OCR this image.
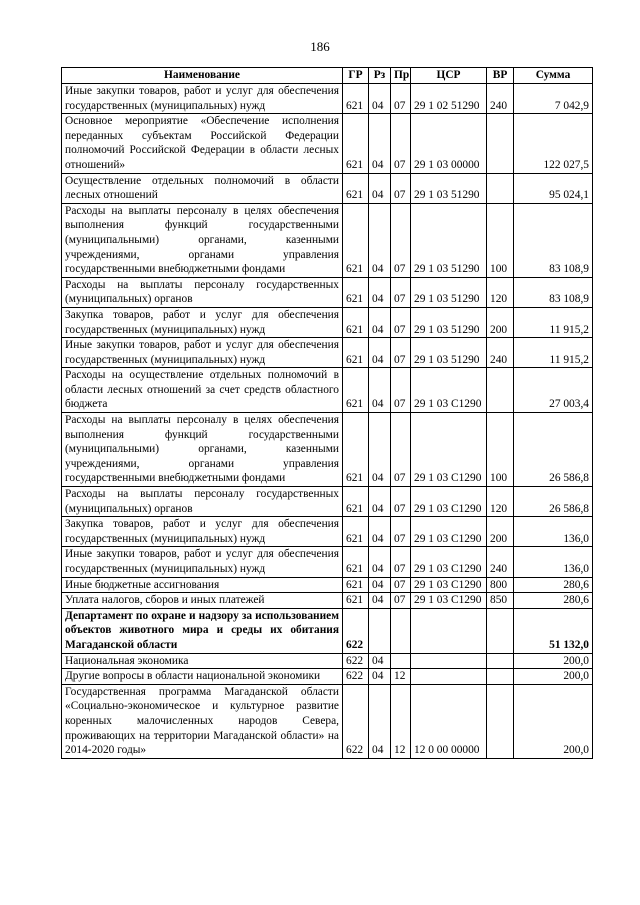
186
Наименование	ГР	Рз	Пр	ЦСР	ВР	Сумма
Иные закупки товаров, работ и услуг для обеспечения государственных (муниципальных) нужд	621	04	07	29 1 02 51290	240	7 042,9
Основное мероприятие «Обеспечение исполнения переданных субъектам Российской Федерации полномочий Российской Федерации в области лесных отношений»	621	04	07	29 1 03 00000		122 027,5
Осуществление отдельных полномочий в области лесных отношений	621	04	07	29 1 03 51290		95 024,1
Расходы на выплаты персоналу в целях обеспечения выполнения функций государственными (муниципальными) органами, казенными учреждениями, органами управления государственными внебюджетными фондами	621	04	07	29 1 03 51290	100	83 108,9
Расходы на выплаты персоналу государственных (муниципальных) органов	621	04	07	29 1 03 51290	120	83 108,9
Закупка товаров, работ и услуг для обеспечения государственных (муниципальных) нужд	621	04	07	29 1 03 51290	200	11 915,2
Иные закупки товаров, работ и услуг для обеспечения государственных (муниципальных) нужд	621	04	07	29 1 03 51290	240	11 915,2
Расходы на осуществление отдельных полномочий в области лесных отношений за счет средств областного бюджета	621	04	07	29 1 03 С1290		27 003,4
Расходы на выплаты персоналу в целях обеспечения выполнения функций государственными (муниципальными) органами, казенными учреждениями, органами управления государственными внебюджетными фондами	621	04	07	29 1 03 С1290	100	26 586,8
Расходы на выплаты персоналу государственных (муниципальных) органов	621	04	07	29 1 03 С1290	120	26 586,8
Закупка товаров, работ и услуг для обеспечения государственных (муниципальных) нужд	621	04	07	29 1 03 С1290	200	136,0
Иные закупки товаров, работ и услуг для обеспечения государственных (муниципальных) нужд	621	04	07	29 1 03 С1290	240	136,0
Иные бюджетные ассигнования	621	04	07	29 1 03 С1290	800	280,6
Уплата налогов, сборов и иных платежей	621	04	07	29 1 03 С1290	850	280,6
Департамент по охране и надзору за использованием объектов животного мира и среды их обитания Магаданской области	622					51 132,0
Национальная экономика	622	04				200,0
Другие вопросы в области национальной экономики	622	04	12			200,0
Государственная программа Магаданской области «Социально-экономическое и культурное развитие коренных малочисленных народов Севера, проживающих на территории Магаданской области» на 2014-2020 годы»	622	04	12	12 0 00 00000		200,0
